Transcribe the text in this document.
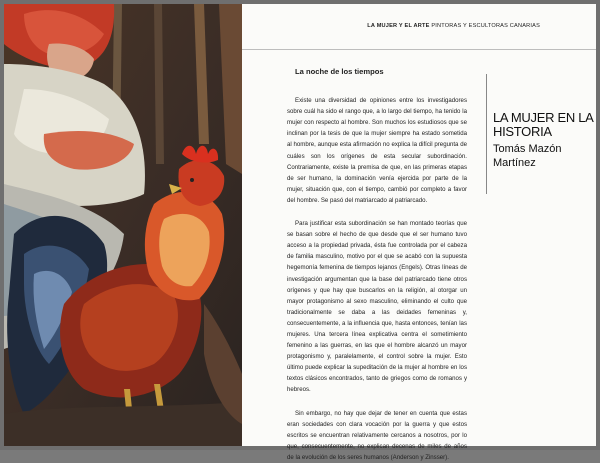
LA MUJER Y EL ARTE PINTORAS Y ESCULTORAS CANARIAS
La noche de los tiempos

Existe una diversidad de opiniones entre los investigadores sobre cuál ha sido el rango que, a lo largo del tiempo, ha tenido la mujer con respecto al hombre. Son muchos los estudiosos que se inclinan por la tesis de que la mujer siempre ha estado sometida al hombre, aunque esta afirmación no explica la difícil pregunta de cuáles son los orígenes de esta secular subordinación. Contrariamente, existe la premisa de que, en las primeras etapas de ser humano, la dominación venía ejercida por parte de la mujer, situación que, con el tiempo, cambió por completo a favor del hombre. Se pasó del matriarcado al patriarcado.

Para justificar esta subordinación se han montado teorías que se basan sobre el hecho de que desde que el ser humano tuvo acceso a la propiedad privada, ésta fue controlada por el cabeza de familia masculino, motivo por el que se acabó con la supuesta hegemonía femenina de tiempos lejanos (Engels). Otras líneas de investigación argumentan que la base del patriarcado tiene otros orígenes y que hay que buscarlos en la religión, al otorgar un mayor protagonismo al sexo masculino, eliminando el culto que tradicionalmente se daba a las deidades femeninas y, consecuentemente, a la influencia que, hasta entonces, tenían las mujeres. Una tercera línea explicativa centra el sometimiento femenino a las guerras, en las que el hombre alcanzó un mayor protagonismo y, paralelamente, el control sobre la mujer. Esto último puede explicar la supeditación de la mujer al hombre en los textos clásicos encontrados, tanto de griegos como de romanos y hebreos.

Sin embargo, no hay que dejar de tener en cuenta que estas eran sociedades con clara vocación por la guerra y que estos escritos se encuentran relativamente cercanos a nosotros, por lo que, consecuentemente, no explican decenas de miles de años de la evolución de los seres humanos (Anderson y Zinsser).

LA MUJER EN LA HISTORIA
Tomás Mazón Martínez
